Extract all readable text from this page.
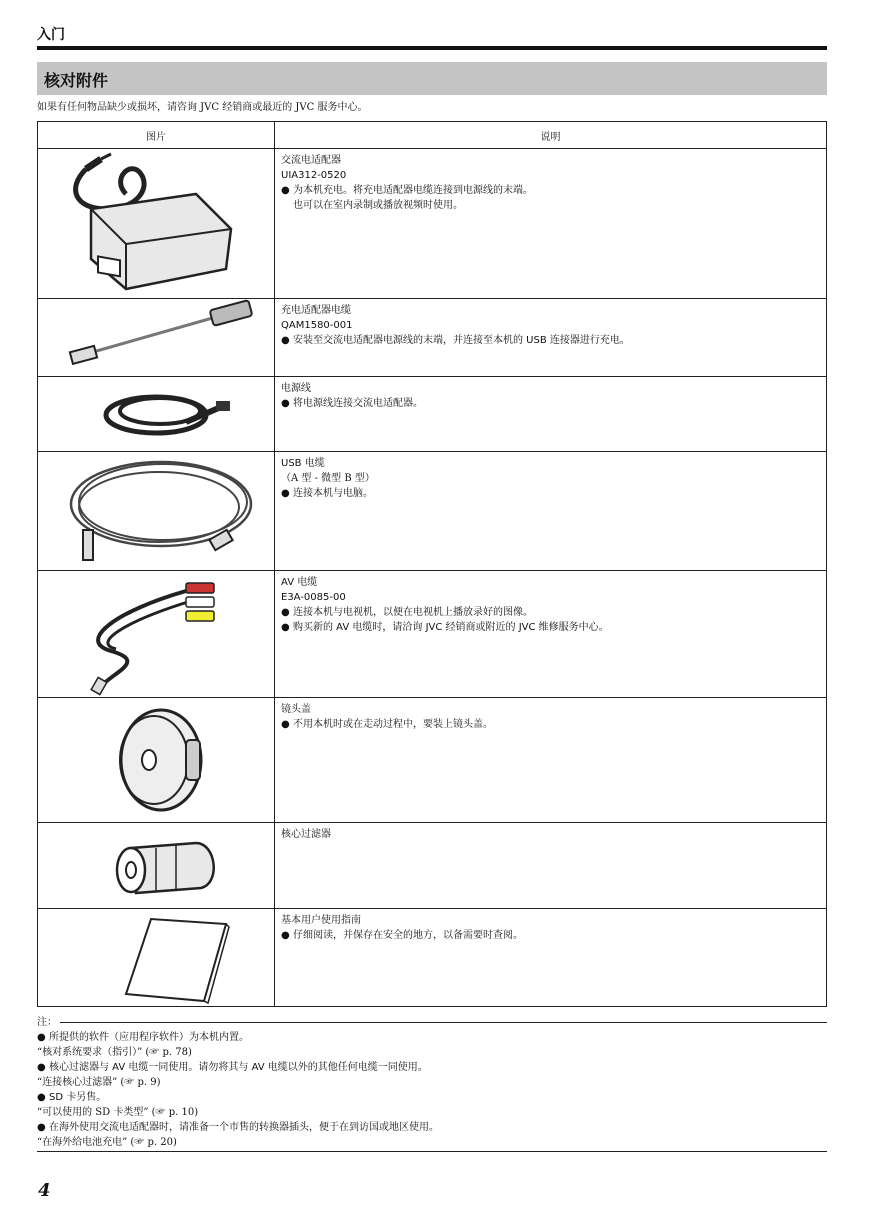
入门
核对附件
如果有任何物品缺少或损坏，请咨询 JVC 经销商或最近的 JVC 服务中心。
图片	说明

交流电适配器
UIA312-0520
● 为本机充电。将充电适配器电缆连接到电源线的末端。
也可以在室内录制或播放视频时使用。

充电适配器电缆
QAM1580-001
● 安装至交流电适配器电源线的末端，并连接至本机的 USB 连接器进行充电。

电源线
● 将电源线连接交流电适配器。

USB 电缆
（A 型 - 微型 B 型）
● 连接本机与电脑。

AV 电缆
E3A-0085-00
● 连接本机与电视机，以便在电视机上播放录好的图像。
● 购买新的 AV 电缆时，请洽询 JVC 经销商或附近的 JVC 维修服务中心。

镜头盖
● 不用本机时或在走动过程中，要装上镜头盖。

核心过滤器

基本用户使用指南
● 仔细阅读，并保存在安全的地方，以备需要时查阅。
注：
● 所提供的软件（应用程序软件）为本机内置。
“核对系统要求（指引）” (☞ p. 78)
● 核心过滤器与 AV 电缆一同使用。请勿将其与 AV 电缆以外的其他任何电缆一同使用。
“连接核心过滤器” (☞ p. 9)
● SD 卡另售。
“可以使用的 SD 卡类型” (☞ p. 10)
● 在海外使用交流电适配器时，请准备一个市售的转换器插头，便于在到访国或地区使用。
“在海外给电池充电” (☞ p. 20)
4
